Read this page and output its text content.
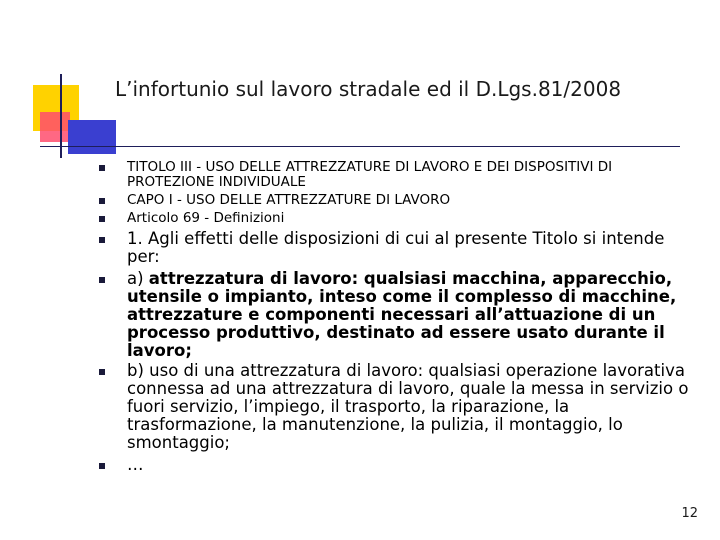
L’infortunio sul lavoro stradale ed il D.Lgs.81/2008
TITOLO III - USO DELLE ATTREZZATURE DI LAVORO E DEI DISPOSITIVI DI PROTEZIONE INDIVIDUALE
CAPO I - USO DELLE ATTREZZATURE DI LAVORO
Articolo 69 - Definizioni
1. Agli effetti delle disposizioni di cui al presente Titolo si intende per:
a) attrezzatura di lavoro: qualsiasi macchina, apparecchio, utensile o impianto, inteso come il complesso di macchine, attrezzature e componenti necessari all’attuazione di un processo produttivo, destinato ad essere usato durante il lavoro;
b) uso di una attrezzatura di lavoro: qualsiasi operazione lavorativa connessa ad una attrezzatura di lavoro, quale la messa in servizio o fuori servizio, l’impiego, il trasporto, la riparazione, la trasformazione, la manutenzione, la pulizia, il montaggio, lo smontaggio;
…
12
